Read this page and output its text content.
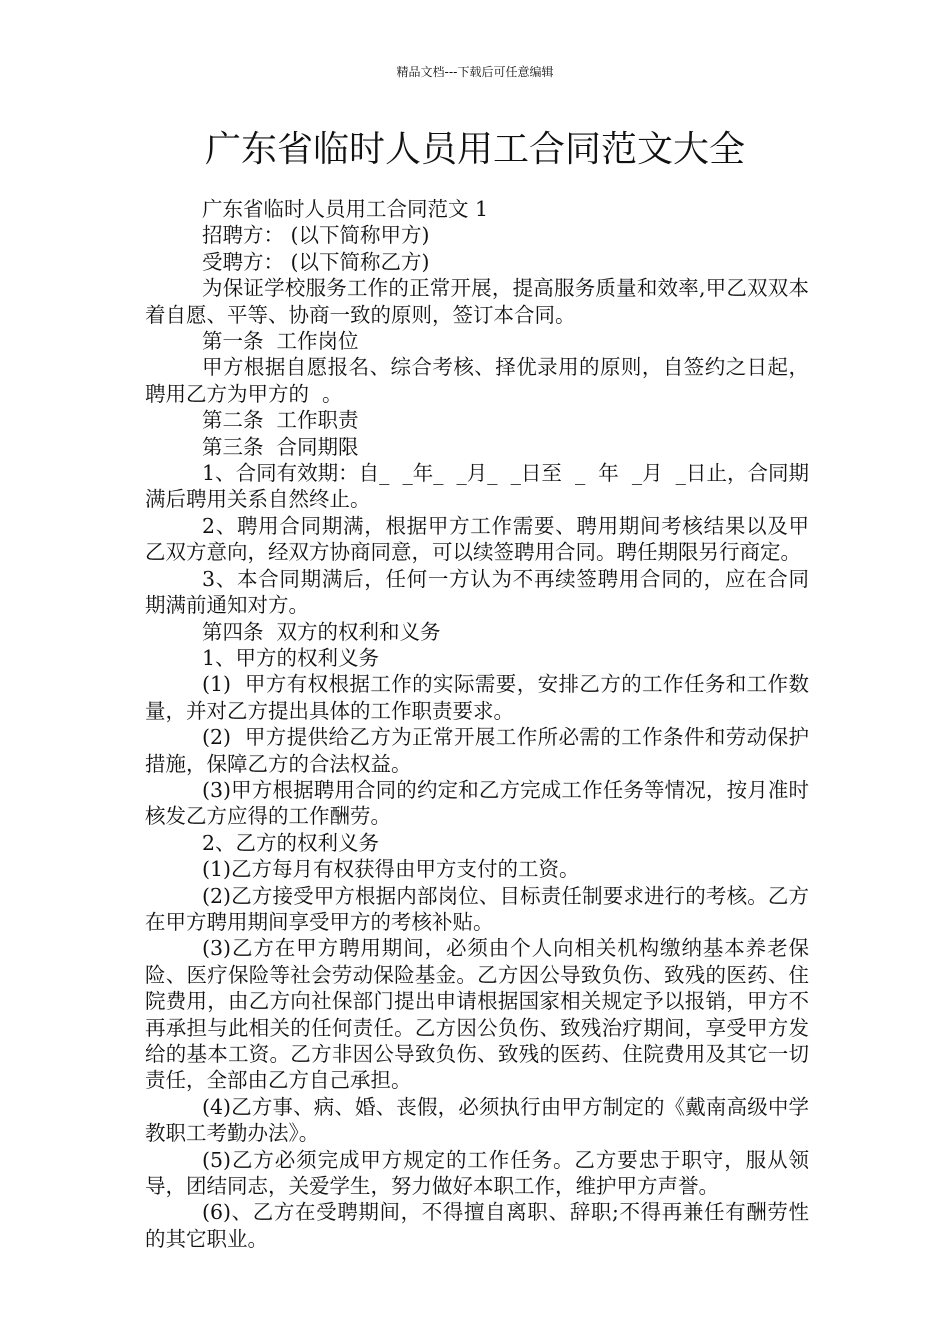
精品文档---下载后可任意编辑
广东省临时人员用工合同范文大全

广东省临时人员用工合同范文 1

招聘方： (以下简称甲方)

受聘方： (以下简称乙方)

为保证学校服务工作的正常开展，提高服务质量和效率,甲乙双双本着自愿、平等、协商一致的原则，签订本合同。

第一条  工作岗位

甲方根据自愿报名、综合考核、择优录用的原则，自签约之日起，聘用乙方为甲方的  。

第二条  工作职责

第三条  合同期限

1、合同有效期：自_  _年_  _月_  _日至  _  年  _月  _日止，合同期满后聘用关系自然终止。

2、聘用合同期满，根据甲方工作需要、聘用期间考核结果以及甲乙双方意向，经双方协商同意，可以续签聘用合同。聘任期限另行商定。

3、本合同期满后，任何一方认为不再续签聘用合同的，应在合同期满前通知对方。

第四条  双方的权利和义务

1、甲方的权利义务

(1)  甲方有权根据工作的实际需要，安排乙方的工作任务和工作数量，并对乙方提出具体的工作职责要求。

(2)  甲方提供给乙方为正常开展工作所必需的工作条件和劳动保护措施，保障乙方的合法权益。

(3)甲方根据聘用合同的约定和乙方完成工作任务等情况，按月准时核发乙方应得的工作酬劳。

2、乙方的权利义务

(1)乙方每月有权获得由甲方支付的工资。

(2)乙方接受甲方根据内部岗位、目标责任制要求进行的考核。乙方在甲方聘用期间享受甲方的考核补贴。

(3)乙方在甲方聘用期间，必须由个人向相关机构缴纳基本养老保险、医疗保险等社会劳动保险基金。乙方因公导致负伤、致残的医药、住院费用，由乙方向社保部门提出申请根据国家相关规定予以报销，甲方不再承担与此相关的任何责任。乙方因公负伤、致残治疗期间，享受甲方发给的基本工资。乙方非因公导致负伤、致残的医药、住院费用及其它一切责任，全部由乙方自己承担。

(4)乙方事、病、婚、丧假，必须执行由甲方制定的《戴南高级中学教职工考勤办法》。

(5)乙方必须完成甲方规定的工作任务。乙方要忠于职守，服从领导，团结同志，关爱学生，努力做好本职工作，维护甲方声誉。

(6)、乙方在受聘期间，不得擅自离职、辞职;不得再兼任有酬劳性的其它职业。
